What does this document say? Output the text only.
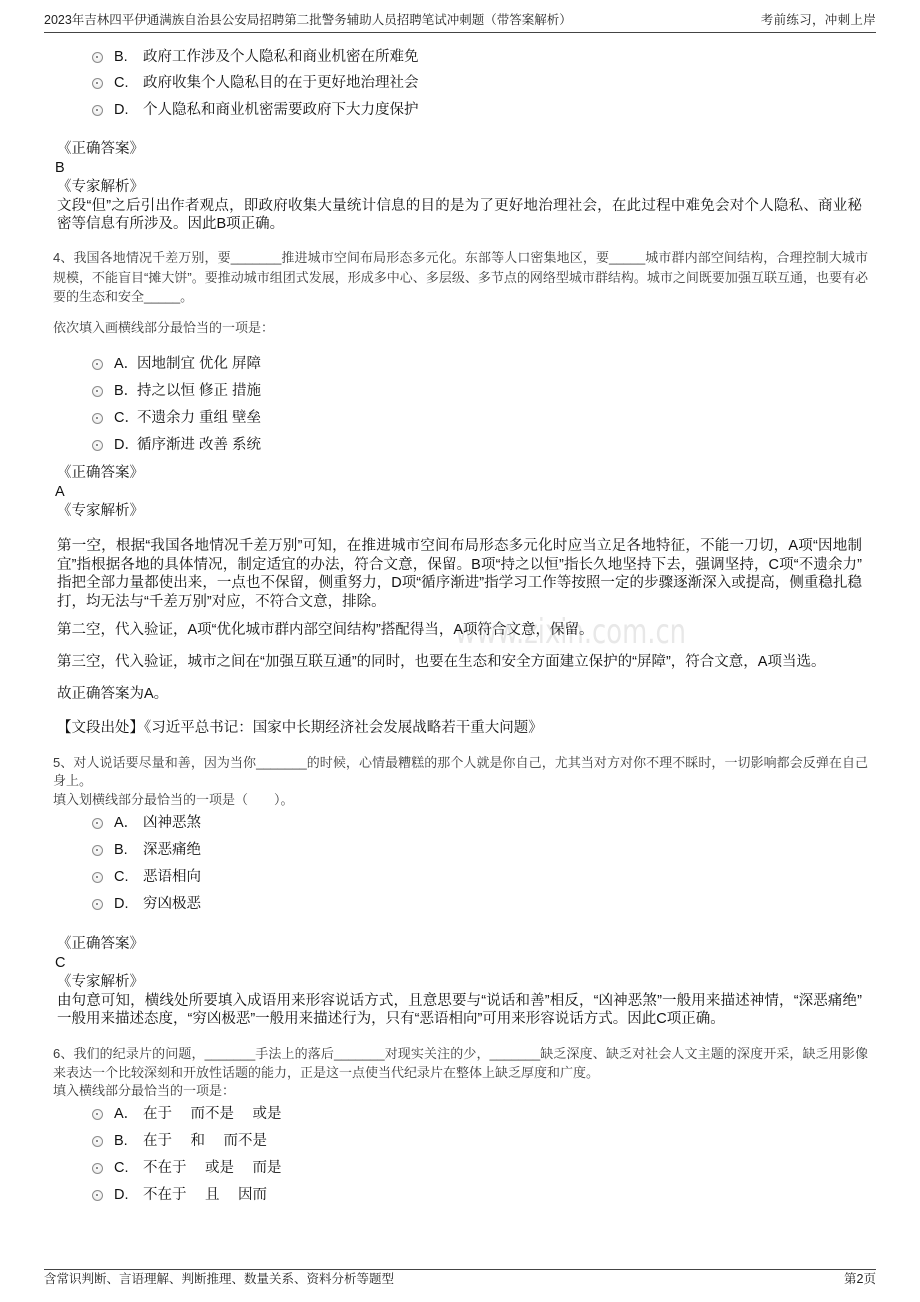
www.zixin.com.cn
2023年吉林四平伊通满族自治县公安局招聘第二批警务辅助人员招聘笔试冲刺题（带答案解析）	考前练习，冲刺上岸
B.	政府工作涉及个人隐私和商业机密在所难免
C.	政府收集个人隐私目的在于更好地治理社会
D.	个人隐私和商业机密需要政府下大力度保护
《正确答案》
B
《专家解析》

文段“但”之后引出作者观点，即政府收集大量统计信息的目的是为了更好地治理社会，在此过程中难免会对个人隐私、商业秘密等信息有所涉及。因此B项正确。

4、我国各地情况千差万别，要_______推进城市空间布局形态多元化。东部等人口密集地区，要_____城市群内部空间结构，合理控制大城市规模，不能盲目“摊大饼”。要推动城市组团式发展，形成多中心、多层级、多节点的网络型城市群结构。城市之间既要加强互联互通，也要有必要的生态和安全_____。

依次填入画横线部分最恰当的一项是：
A．
因地制宜 优化 屏障
B．
持之以恒 修正 措施
C．
不遗余力 重组 壁垒
D．
循序渐进 改善 系统
《正确答案》
A
《专家解析》

第一空，根据“我国各地情况千差万别”可知，在推进城市空间布局形态多元化时应当立足各地特征，不能一刀切，A项“因地制宜”指根据各地的具体情况，制定适宜的办法，符合文意，保留。B项“持之以恒”指长久地坚持下去，强调坚持，C项“不遗余力”指把全部力量都使出来，一点也不保留，侧重努力，D项“循序渐进”指学习工作等按照一定的步骤逐渐深入或提高，侧重稳扎稳打，均无法与“千差万别”对应，不符合文意，排除。

第二空，代入验证，A项“优化城市群内部空间结构”搭配得当，A项符合文意，保留。

第三空，代入验证，城市之间在“加强互联互通”的同时，也要在生态和安全方面建立保护的“屏障”，符合文意，A项当选。

故正确答案为A。

【文段出处】《习近平总书记：国家中长期经济社会发展战略若干重大问题》

5、对人说话要尽量和善，因为当你_______的时候，心情最糟糕的那个人就是你自己，尤其当对方对你不理不睬时，一切影响都会反弹在自己身上。

填入划横线部分最恰当的一项是（　　）。
A． 凶神恶煞
B.	深恶痛绝
C.	恶语相向
D.	穷凶极恶
《正确答案》
C
《专家解析》

由句意可知，横线处所要填入成语用来形容说话方式，且意思要与“说话和善”相反，“凶神恶煞”一般用来描述神情，“深恶痛绝”一般用来描述态度，“穷凶极恶”一般用来描述行为，只有“恶语相向”可用来形容说话方式。因此C项正确。

6、我们的纪录片的问题，_______手法上的落后_______对现实关注的少，_______缺乏深度、缺乏对社会人文主题的深度开采，缺乏用影像来表达一个比较深刻和开放性话题的能力，正是这一点使当代纪录片在整体上缺乏厚度和广度。

填入横线部分最恰当的一项是：
A． 在于　 而不是　 或是
B.	在于　 和　 而不是
C.	不在于　 或是　 而是
D.	不在于　 且　 因而
含常识判断、言语理解、判断推理、数量关系、资料分析等题型	第2页
